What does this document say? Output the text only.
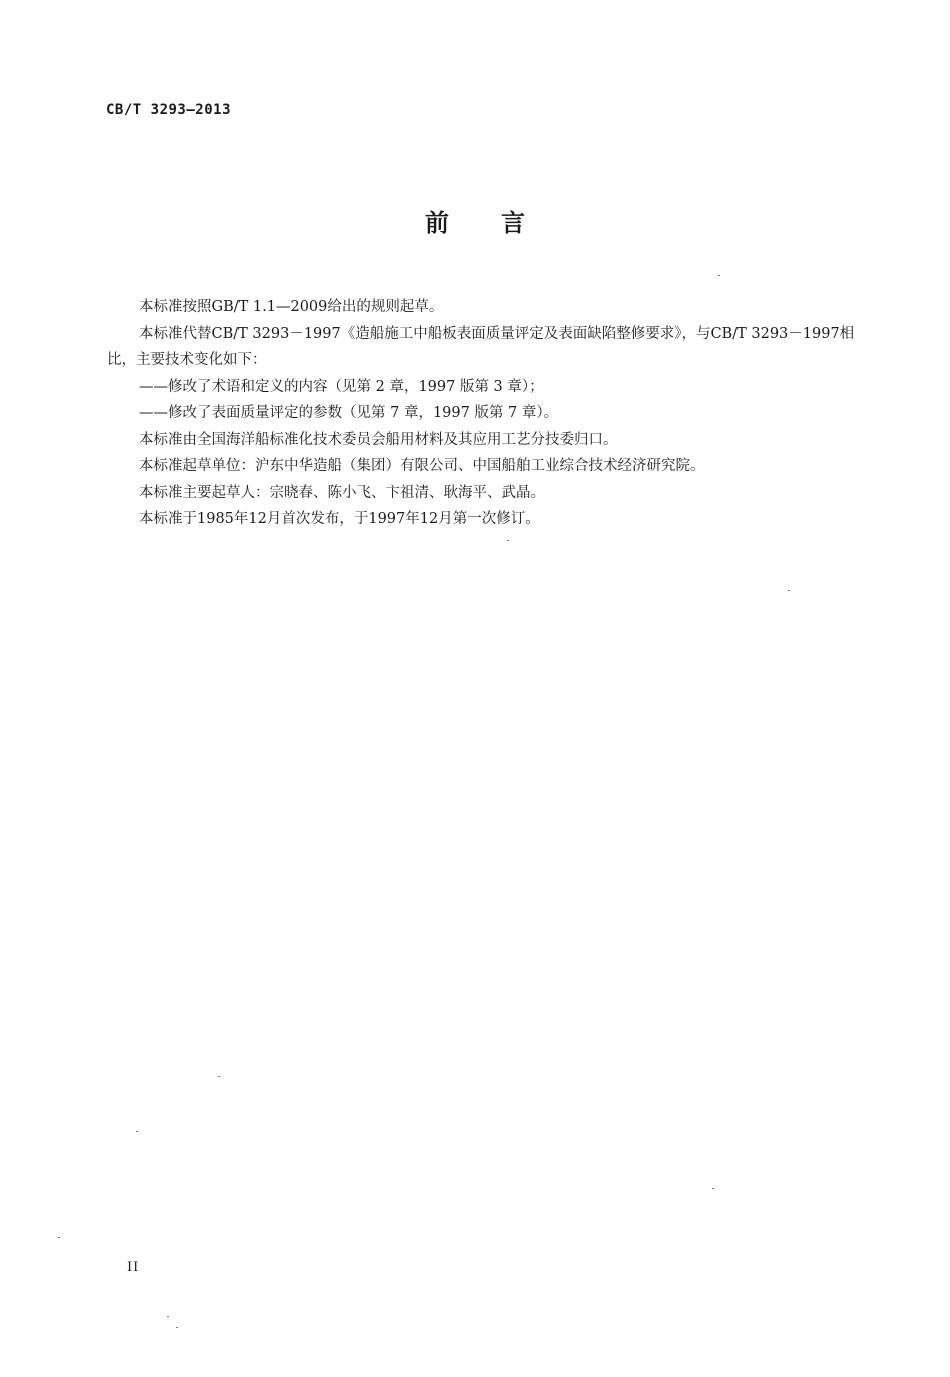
CB/T 3293—2013
前 言

本标准按照GB/T 1.1—2009给出的规则起草。

本标准代替CB/T 3293－1997《造船施工中船板表面质量评定及表面缺陷整修要求》，与CB/T 3293－1997相比，主要技术变化如下：

——修改了术语和定义的内容（见第 2 章，1997 版第 3 章）；

——修改了表面质量评定的参数（见第 7 章，1997 版第 7 章）。

本标准由全国海洋船标准化技术委员会船用材料及其应用工艺分技委归口。

本标准起草单位：沪东中华造船（集团）有限公司、中国船舶工业综合技术经济研究院。

本标准主要起草人：宗晓春、陈小飞、卞祖清、耿海平、武晶。

本标准于1985年12月首次发布，于1997年12月第一次修订。

II
